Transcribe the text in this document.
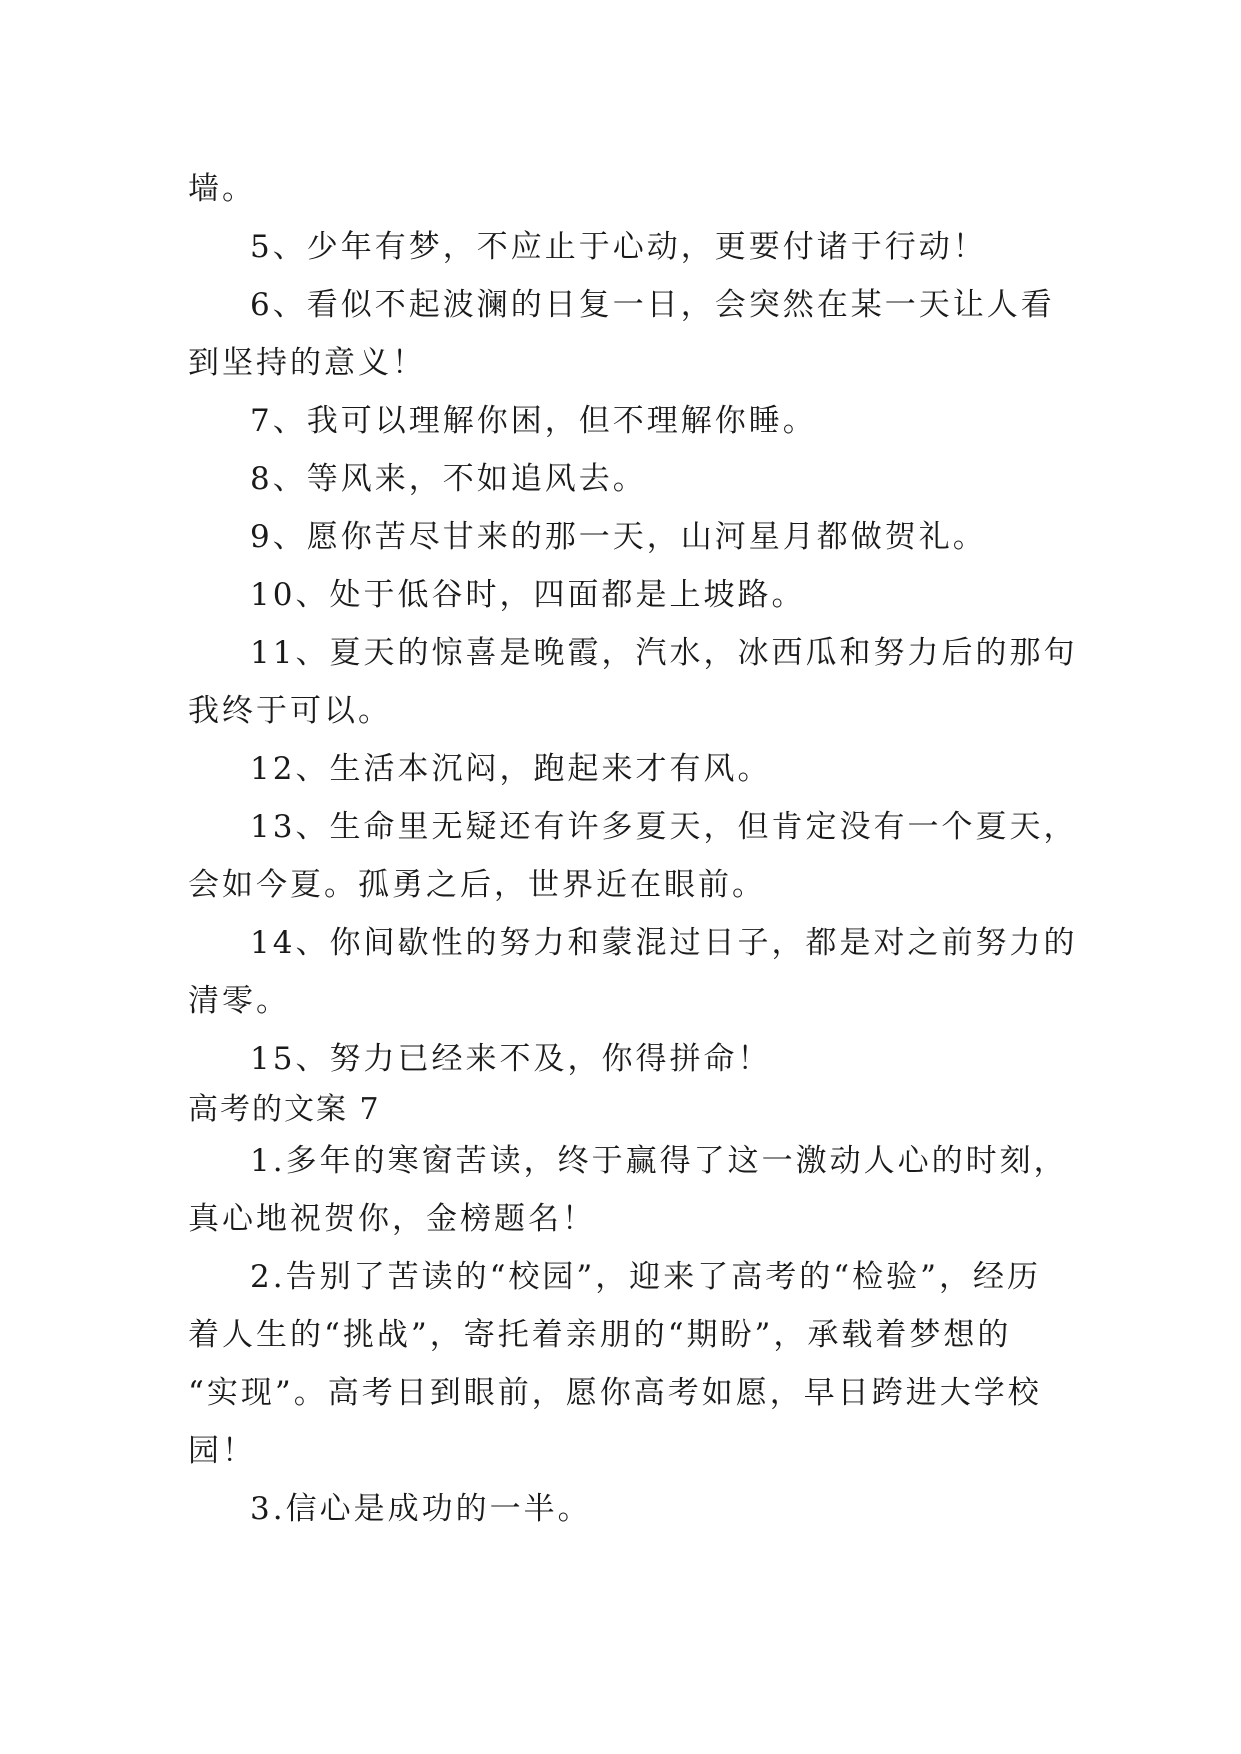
墙。
5、少年有梦，不应止于心动，更要付诸于行动！
6、看似不起波澜的日复一日，会突然在某一天让人看
到坚持的意义！
7、我可以理解你困，但不理解你睡。
8、等风来，不如追风去。
9、愿你苦尽甘来的那一天，山河星月都做贺礼。
10、处于低谷时，四面都是上坡路。
11、夏天的惊喜是晚霞，汽水，冰西瓜和努力后的那句
我终于可以。
12、生活本沉闷，跑起来才有风。
13、生命里无疑还有许多夏天，但肯定没有一个夏天，
会如今夏。孤勇之后，世界近在眼前。
14、你间歇性的努力和蒙混过日子，都是对之前努力的
清零。
15、努力已经来不及，你得拼命！
高考的文案 7
1.多年的寒窗苦读，终于赢得了这一激动人心的时刻，
真心地祝贺你，金榜题名！
2.告别了苦读的“校园”，迎来了高考的“检验”，经历
着人生的“挑战”，寄托着亲朋的“期盼”，承载着梦想的
“实现”。高考日到眼前，愿你高考如愿，早日跨进大学校
园！
3.信心是成功的一半。
